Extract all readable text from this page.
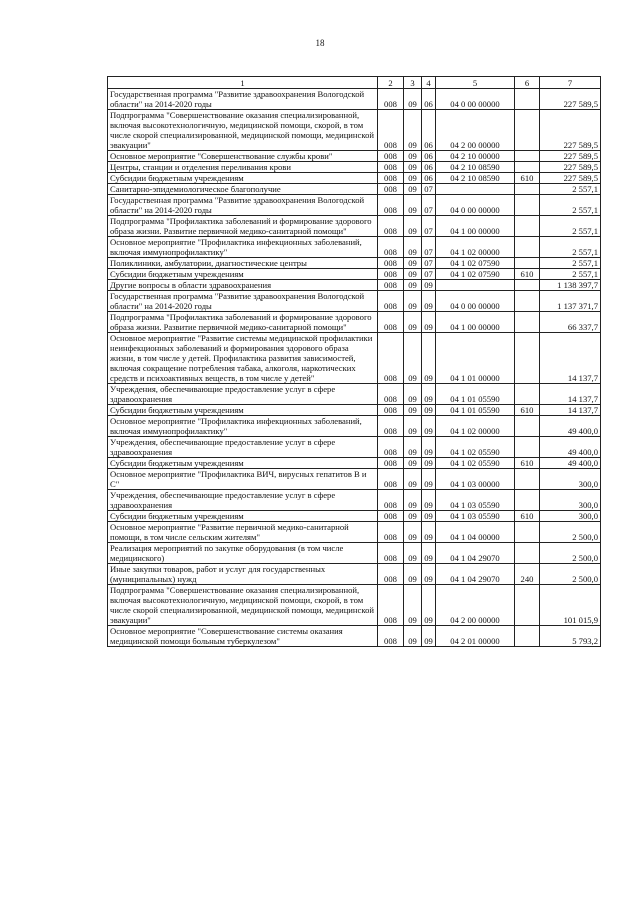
18
1	2	3	4	5	6	7
Государственная программа "Развитие здравоохранения Вологодской области" на 2014-2020 годы	008	09	06	04 0 00 00000		227 589,5
Подпрограмма "Совершенствование оказания специализированной, включая высокотехнологичную, медицинской помощи, скорой, в том числе скорой специализированной, медицинской помощи, медицинской эвакуации"	008	09	06	04 2 00 00000		227 589,5
Основное мероприятие "Совершенствование службы крови"	008	09	06	04 2 10 00000		227 589,5
Центры, станции и отделения переливания крови	008	09	06	04 2 10 08590		227 589,5
Субсидии бюджетным учреждениям	008	09	06	04 2 10 08590	610	227 589,5
Санитарно-эпидемиологическое благополучие	008	09	07			2 557,1
Государственная программа "Развитие здравоохранения Вологодской области" на 2014-2020 годы	008	09	07	04 0 00 00000		2 557,1
Подпрограмма "Профилактика заболеваний и формирование здорового образа жизни. Развитие первичной медико-санитарной помощи"	008	09	07	04 1 00 00000		2 557,1
Основное мероприятие "Профилактика инфекционных заболеваний, включая иммунопрофилактику"	008	09	07	04 1 02 00000		2 557,1
Поликлиники, амбулатории, диагностические центры	008	09	07	04 1 02 07590		2 557,1
Субсидии бюджетным учреждениям	008	09	07	04 1 02 07590	610	2 557,1
Другие вопросы в области здравоохранения	008	09	09			1 138 397,7
Государственная программа "Развитие здравоохранения Вологодской области" на 2014-2020 годы	008	09	09	04 0 00 00000		1 137 371,7
Подпрограмма "Профилактика заболеваний и формирование здорового образа жизни. Развитие первичной медико-санитарной помощи"	008	09	09	04 1 00 00000		66 337,7
Основное мероприятие "Развитие системы медицинской профилактики неинфекционных заболеваний и формирования здорового образа жизни, в том числе у детей. Профилактика развития зависимостей, включая сокращение потребления табака, алкоголя, наркотических средств и психоактивных веществ, в том числе у детей"	008	09	09	04 1 01 00000		14 137,7
Учреждения, обеспечивающие предоставление услуг в сфере здравоохранения	008	09	09	04 1 01 05590		14 137,7
Субсидии бюджетным учреждениям	008	09	09	04 1 01 05590	610	14 137,7
Основное мероприятие "Профилактика инфекционных заболеваний, включая иммунопрофилактику"	008	09	09	04 1 02 00000		49 400,0
Учреждения, обеспечивающие предоставление услуг в сфере здравоохранения	008	09	09	04 1 02 05590		49 400,0
Субсидии бюджетным учреждениям	008	09	09	04 1 02 05590	610	49 400,0
Основное мероприятие "Профилактика ВИЧ, вирусных гепатитов В и С"	008	09	09	04 1 03 00000		300,0
Учреждения, обеспечивающие предоставление услуг в сфере здравоохранения	008	09	09	04 1 03 05590		300,0
Субсидии бюджетным учреждениям	008	09	09	04 1 03 05590	610	300,0
Основное мероприятие "Развитие первичной медико-санитарной помощи, в том числе сельским жителям"	008	09	09	04 1 04 00000		2 500,0
Реализация мероприятий по закупке оборудования (в том числе медицинского)	008	09	09	04 1 04 29070		2 500,0
Иные закупки товаров, работ и услуг для государственных (муниципальных) нужд	008	09	09	04 1 04 29070	240	2 500,0
Подпрограмма "Совершенствование оказания специализированной, включая высокотехнологичную, медицинской помощи, скорой, в том числе скорой специализированной, медицинской помощи, медицинской эвакуации"	008	09	09	04 2 00 00000		101 015,9
Основное мероприятие "Совершенствование системы оказания медицинской помощи больным туберкулезом"	008	09	09	04 2 01 00000		5 793,2
